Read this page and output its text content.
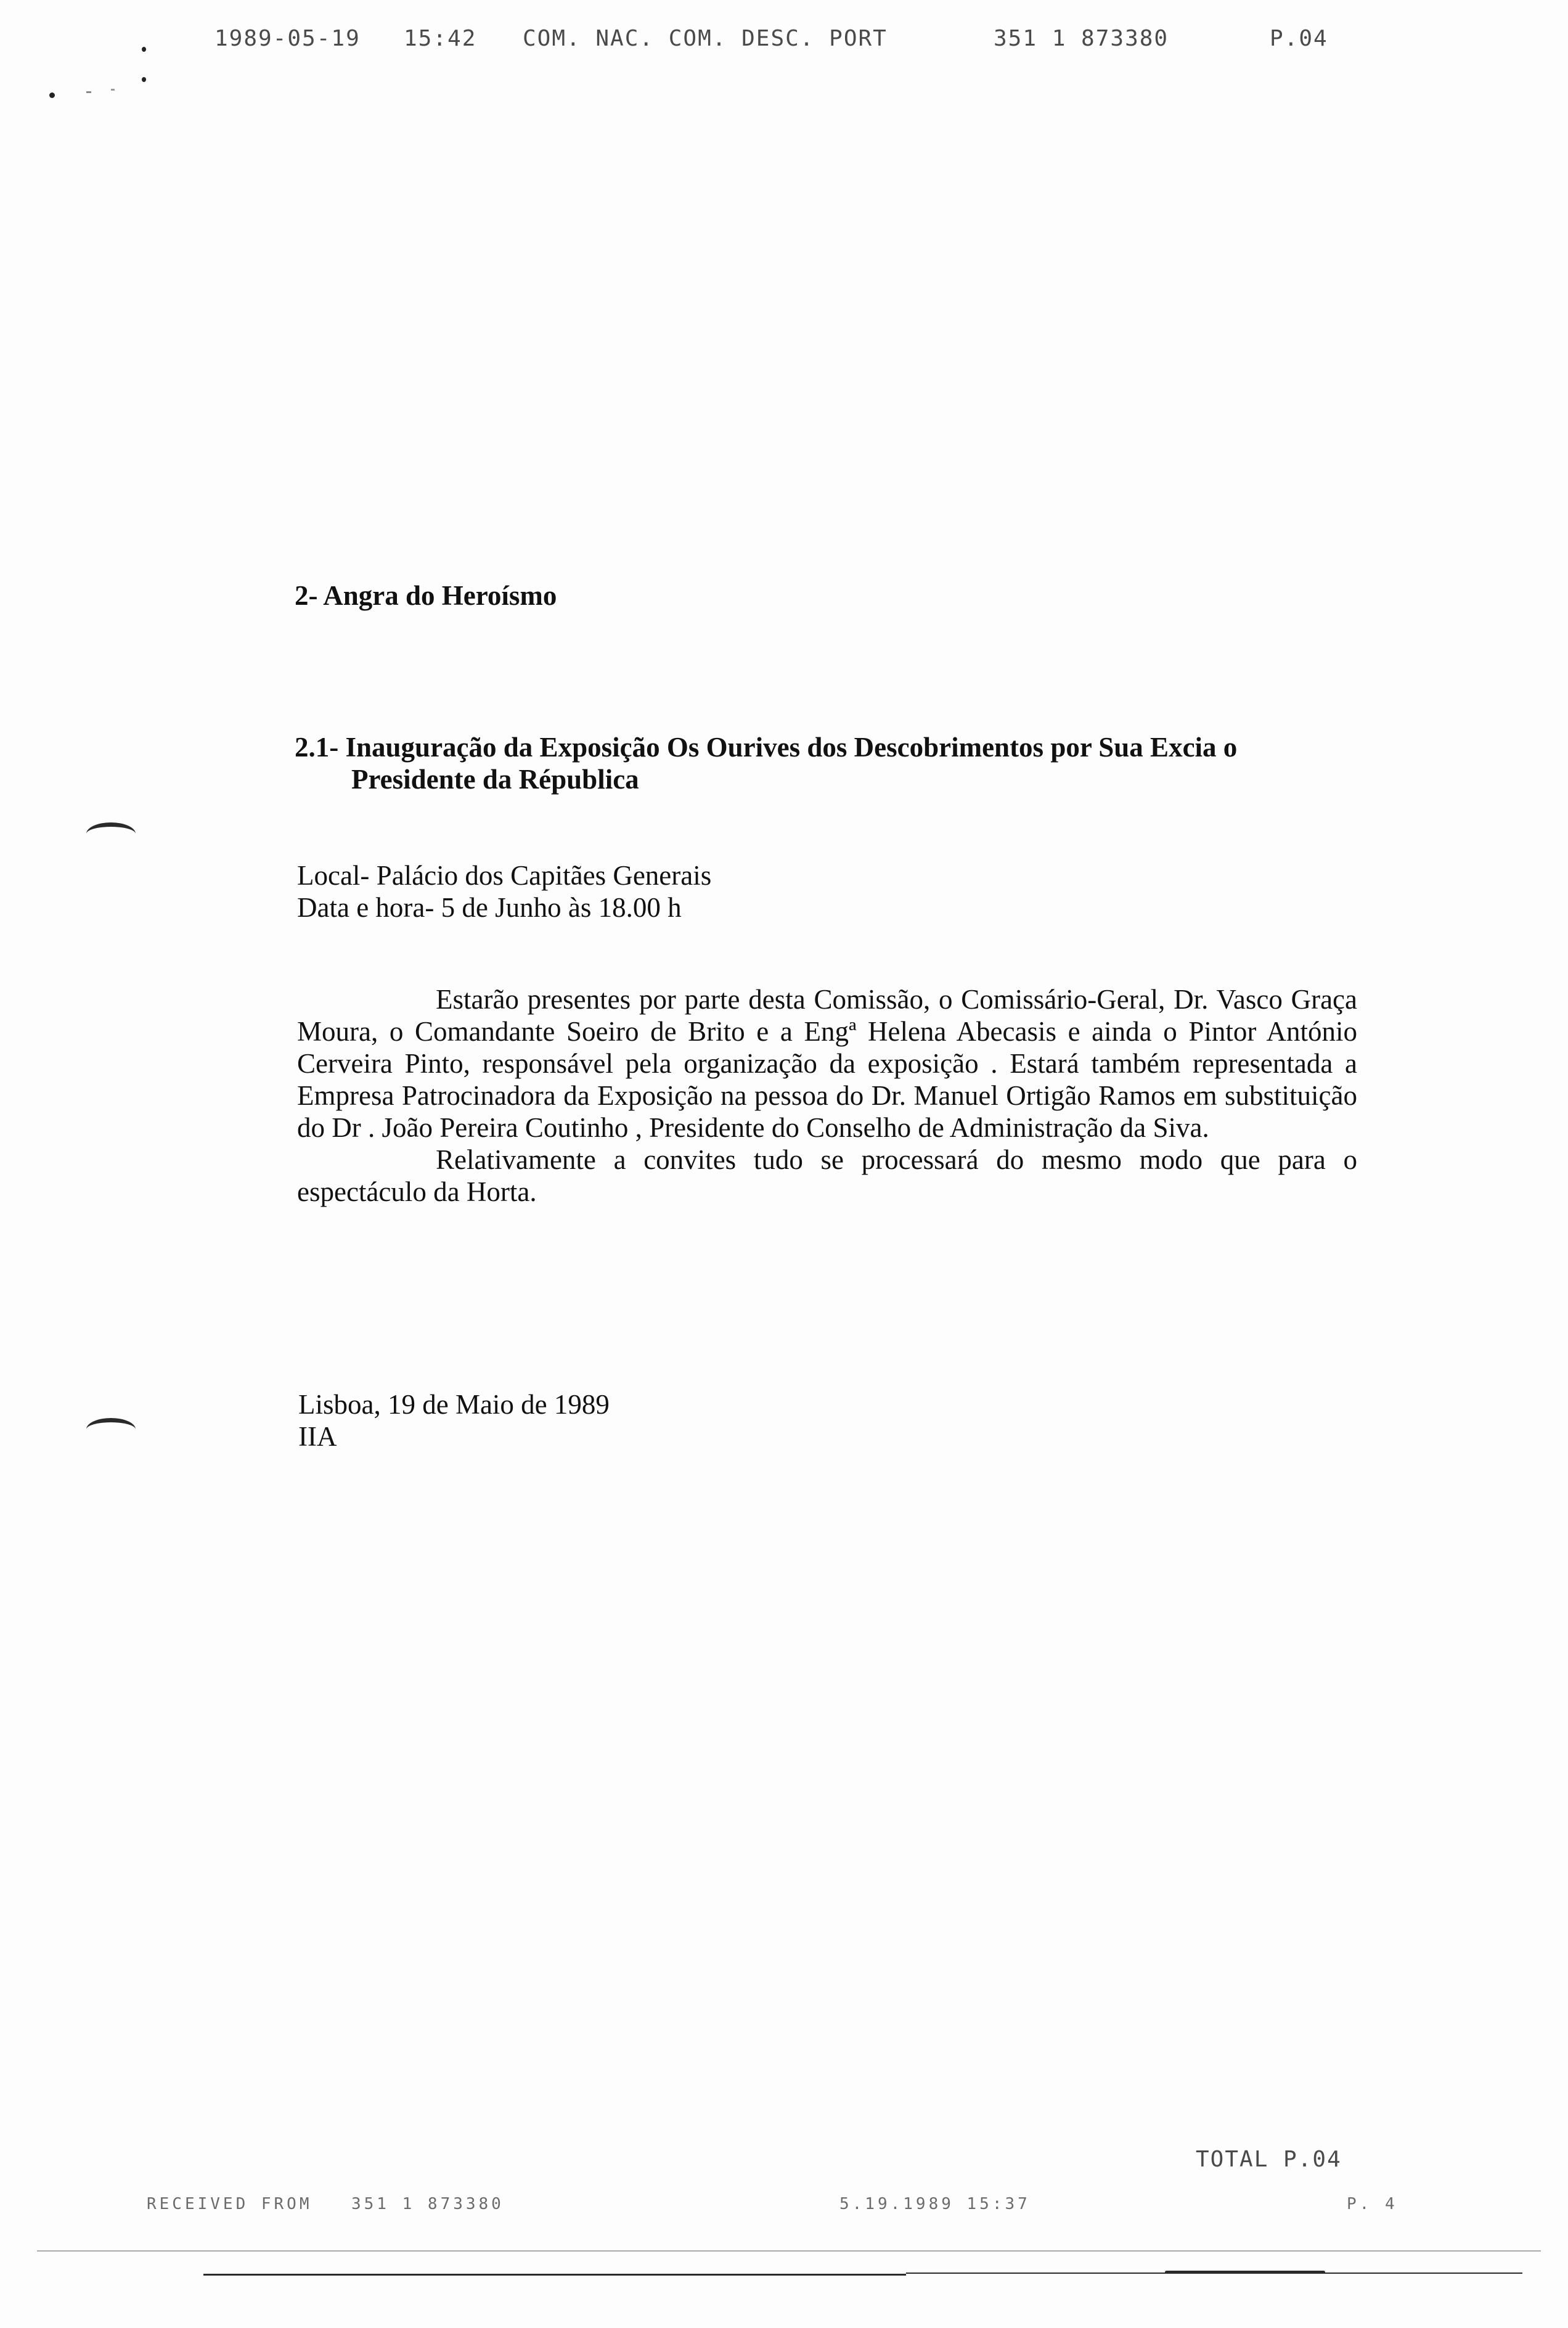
1989-05-19 15:42 COM. NAC. COM. DESC. PORT	351 1 873380	P.04
2- Angra do Heroísmo
2.1- Inauguração da Exposição Os Ourives dos Descobrimentos por Sua Excia o
Presidente da Républica
Local- Palácio dos Capitães Generais
Data e hora- 5 de Junho às 18.00 h

Estarão presentes por parte desta Comissão, o Comissário-Geral, Dr. Vasco Graça Moura, o Comandante Soeiro de Brito e a Engª Helena Abecasis e ainda o Pintor António Cerveira Pinto, responsável pela organização da exposição . Estará também representada a Empresa Patrocinadora da Exposição na pessoa do Dr. Manuel Ortigão Ramos em substituição do Dr . João Pereira Coutinho , Presidente do Conselho de Administração da Siva.

Relativamente a convites tudo se processará do mesmo modo que para o espectáculo da Horta.

Lisboa, 19 de Maio de 1989
IIA
TOTAL P.04
RECEIVED FROM 351 1 873380	5.19.1989 15:37	P. 4
